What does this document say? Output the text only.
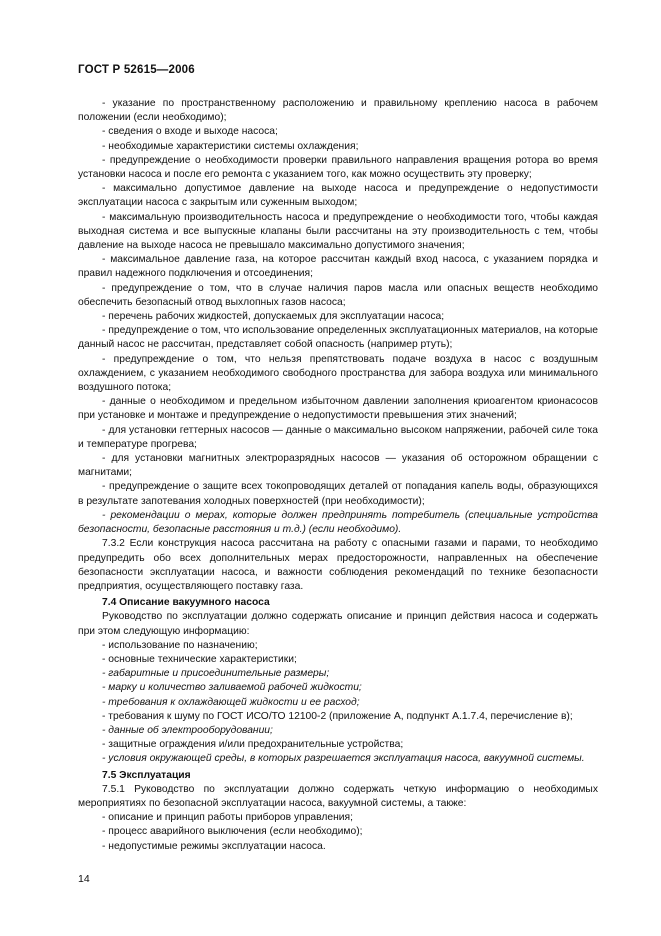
ГОСТ Р 52615—2006

- указание по пространственному расположению и правильному креплению насоса в рабочем положении (если необходимо);

- сведения о входе и выходе насоса;

- необходимые характеристики системы охлаждения;

- предупреждение о необходимости проверки правильного направления вращения ротора во время установки насоса и после его ремонта с указанием того, как можно осуществить эту проверку;

- максимально допустимое давление на выходе насоса и предупреждение о недопустимости эксплуатации насоса с закрытым или суженным выходом;

- максимальную производительность насоса и предупреждение о необходимости того, чтобы каждая выходная система и все выпускные клапаны были рассчитаны на эту производительность с тем, чтобы давление на выходе насоса не превышало максимально допустимого значения;

- максимальное давление газа, на которое рассчитан каждый вход насоса, с указанием порядка и правил надежного подключения и отсоединения;

- предупреждение о том, что в случае наличия паров масла или опасных веществ необходимо обеспечить безопасный отвод выхлопных газов насоса;

- перечень рабочих жидкостей, допускаемых для эксплуатации насоса;

- предупреждение о том, что использование определенных эксплуатационных материалов, на которые данный насос не рассчитан, представляет собой опасность (например ртуть);

- предупреждение о том, что нельзя препятствовать подаче воздуха в насос с воздушным охлаждением, с указанием необходимого свободного пространства для забора воздуха или минимального воздушного потока;

- данные о необходимом и предельном избыточном давлении заполнения криоагентом крионасосов при установке и монтаже и предупреждение о недопустимости превышения этих значений;

- для установки геттерных насосов — данные о максимально высоком напряжении, рабочей силе тока и температуре прогрева;

- для установки магнитных электроразрядных насосов — указания об осторожном обращении с магнитами;

- предупреждение о защите всех токопроводящих деталей от попадания капель воды, образующихся в результате запотевания холодных поверхностей (при необходимости);

- рекомендации о мерах, которые должен предпринять потребитель (специальные устройства безопасности, безопасные расстояния и т.д.) (если необходимо).

7.3.2 Если конструкция насоса рассчитана на работу с опасными газами и парами, то необходимо предупредить обо всех дополнительных мерах предосторожности, направленных на обеспечение безопасности эксплуатации насоса, и важности соблюдения рекомендаций по технике безопасности предприятия, осуществляющего поставку газа.

7.4 Описание вакуумного насоса

Руководство по эксплуатации должно содержать описание и принцип действия насоса и содержать при этом следующую информацию:

- использование по назначению;

- основные технические характеристики;

- габаритные и присоединительные размеры;

- марку и количество заливаемой рабочей жидкости;

- требования к охлаждающей жидкости и ее расход;

- требования к шуму по ГОСТ ИСО/ТО 12100-2 (приложение А, подпункт А.1.7.4, перечисление в);

- данные об электрооборудовании;

- защитные ограждения и/или предохранительные устройства;

- условия окружающей среды, в которых разрешается эксплуатация насоса, вакуумной системы.

7.5 Эксплуатация

7.5.1 Руководство по эксплуатации должно содержать четкую информацию о необходимых мероприятиях по безопасной эксплуатации насоса, вакуумной системы, а также:

- описание и принцип работы приборов управления;

- процесс аварийного выключения (если необходимо);

- недопустимые режимы эксплуатации насоса.

14
